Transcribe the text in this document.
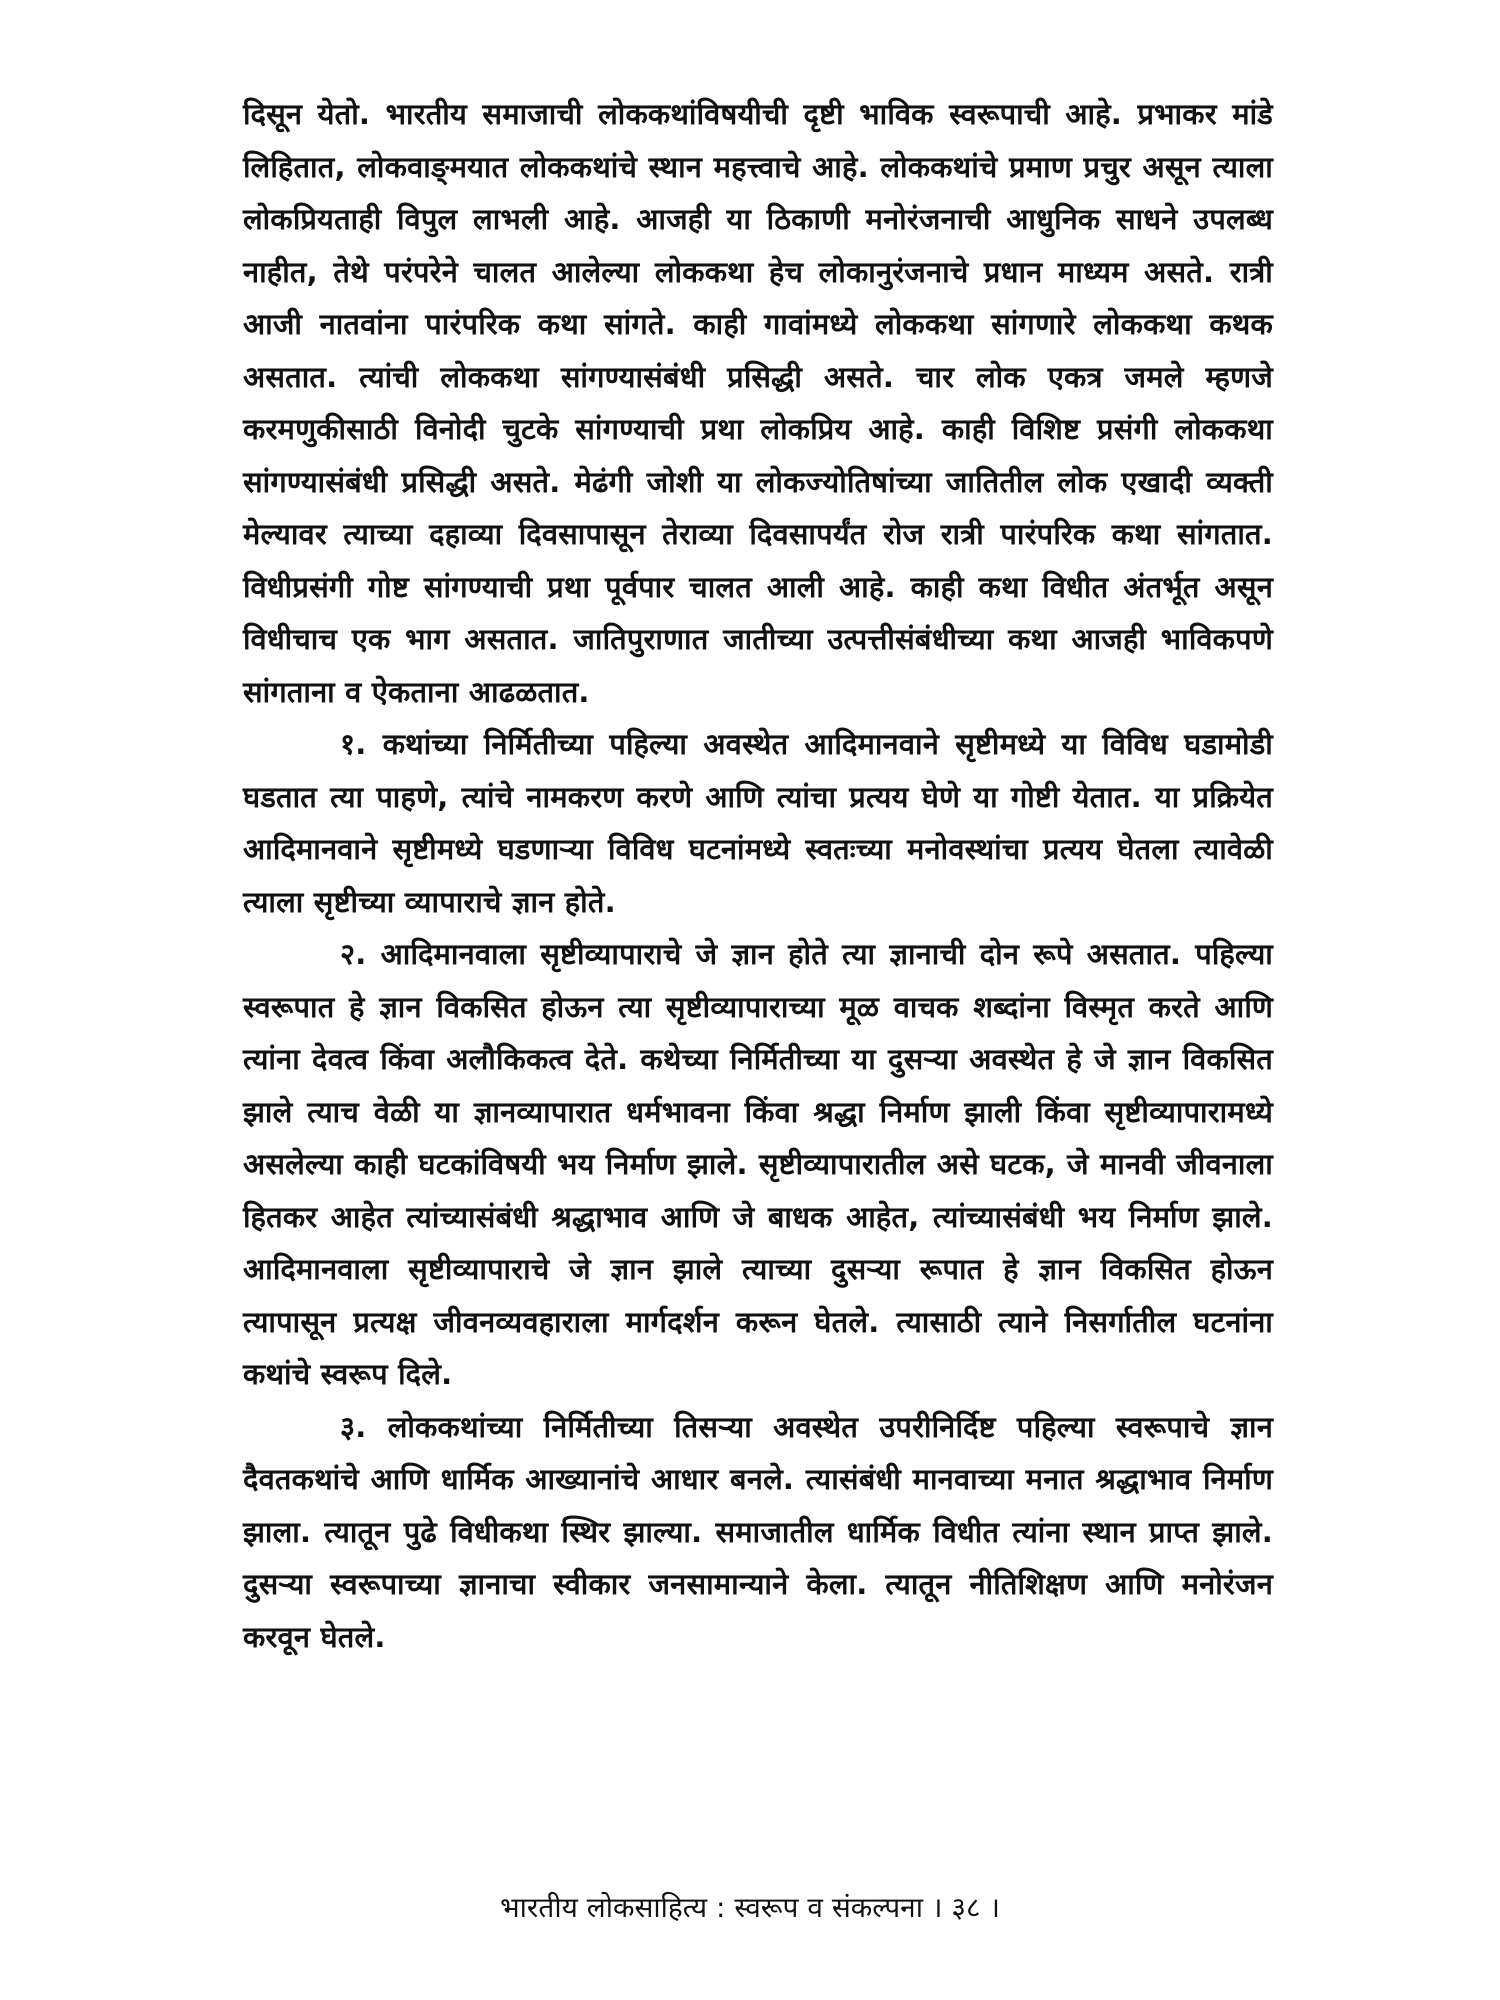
दिसून येतो. भारतीय समाजाची लोककथांविषयीची दृष्टी भाविक स्वरूपाची आहे. प्रभाकर मांडे लिहितात, लोकवाङ्‌मयात लोककथांचे स्थान महत्त्वाचे आहे. लोककथांचे प्रमाण प्रचुर असून त्याला लोकप्रियताही विपुल लाभली आहे. आजही या ठिकाणी मनोरंजनाची आधुनिक साधने उपलब्ध नाहीत, तेथे परंपरेने चालत आलेल्या लोककथा हेच लोकानुरंजनाचे प्रधान माध्यम असते. रात्री आजी नातवांना पारंपरिक कथा सांगते. काही गावांमध्ये लोककथा सांगणारे लोककथा कथक असतात. त्यांची लोककथा सांगण्यासंबंधी प्रसिद्धी असते. चार लोक एकत्र जमले म्हणजे करमणुकीसाठी विनोदी चुटके सांगण्याची प्रथा लोकप्रिय आहे. काही विशिष्ट प्रसंगी लोककथा सांगण्यासंबंधी प्रसिद्धी असते. मेढंगी जोशी या लोकज्योतिषांच्या जातितील लोक एखादी व्यक्ती मेल्यावर त्याच्या दहाव्या दिवसापासून तेराव्या दिवसापर्यंत रोज रात्री पारंपरिक कथा सांगतात. विधीप्रसंगी गोष्ट सांगण्याची प्रथा पूर्वपार चालत आली आहे. काही कथा विधीत अंतर्भूत असून विधीचाच एक भाग असतात. जातिपुराणात जातीच्या उत्पत्तीसंबंधीच्या कथा आजही भाविकपणे सांगताना व ऐकताना आढळतात.

१. कथांच्या निर्मितीच्या पहिल्या अवस्थेत आदिमानवाने सृष्टीमध्ये या विविध घडामोडी घडतात त्या पाहणे, त्यांचे नामकरण करणे आणि त्यांचा प्रत्यय घेणे या गोष्टी येतात. या प्रक्रियेत आदिमानवाने सृष्टीमध्ये घडणाऱ्या विविध घटनांमध्ये स्वतःच्या मनोवस्थांचा प्रत्यय घेतला त्यावेळी त्याला सृष्टीच्या व्यापाराचे ज्ञान होते.

२. आदिमानवाला सृष्टीव्यापाराचे जे ज्ञान होते त्या ज्ञानाची दोन रूपे असतात. पहिल्या स्वरूपात हे ज्ञान विकसित होऊन त्या सृष्टीव्यापाराच्या मूळ वाचक शब्दांना विस्मृत करते आणि त्यांना देवत्व किंवा अलौकिकत्व देते. कथेच्या निर्मितीच्या या दुसऱ्या अवस्थेत हे जे ज्ञान विकसित झाले त्याच वेळी या ज्ञानव्यापारात धर्मभावना किंवा श्रद्धा निर्माण झाली किंवा सृष्टीव्यापारामध्ये असलेल्या काही घटकांविषयी भय निर्माण झाले. सृष्टीव्यापारातील असे घटक, जे मानवी जीवनाला हितकर आहेत त्यांच्यासंबंधी श्रद्धाभाव आणि जे बाधक आहेत, त्यांच्यासंबंधी भय निर्माण झाले. आदिमानवाला सृष्टीव्यापाराचे जे ज्ञान झाले त्याच्या दुसऱ्या रूपात हे ज्ञान विकसित होऊन त्यापासून प्रत्यक्ष जीवनव्यवहाराला मार्गदर्शन करून घेतले. त्यासाठी त्याने निसर्गातील घटनांना कथांचे स्वरूप दिले.

३. लोककथांच्या निर्मितीच्या तिसऱ्या अवस्थेत उपरीनिर्दिष्ट पहिल्या स्वरूपाचे ज्ञान दैवतकथांचे आणि धार्मिक आख्यानांचे आधार बनले. त्यासंबंधी मानवाच्या मनात श्रद्धाभाव निर्माण झाला. त्यातून पुढे विधीकथा स्थिर झाल्या. समाजातील धार्मिक विधीत त्यांना स्थान प्राप्त झाले. दुसऱ्या स्वरूपाच्या ज्ञानाचा स्वीकार जनसामान्याने केला. त्यातून नीतिशिक्षण आणि मनोरंजन करवून घेतले.

भारतीय लोकसाहित्य : स्वरूप व संकल्पना । ३८ ।
